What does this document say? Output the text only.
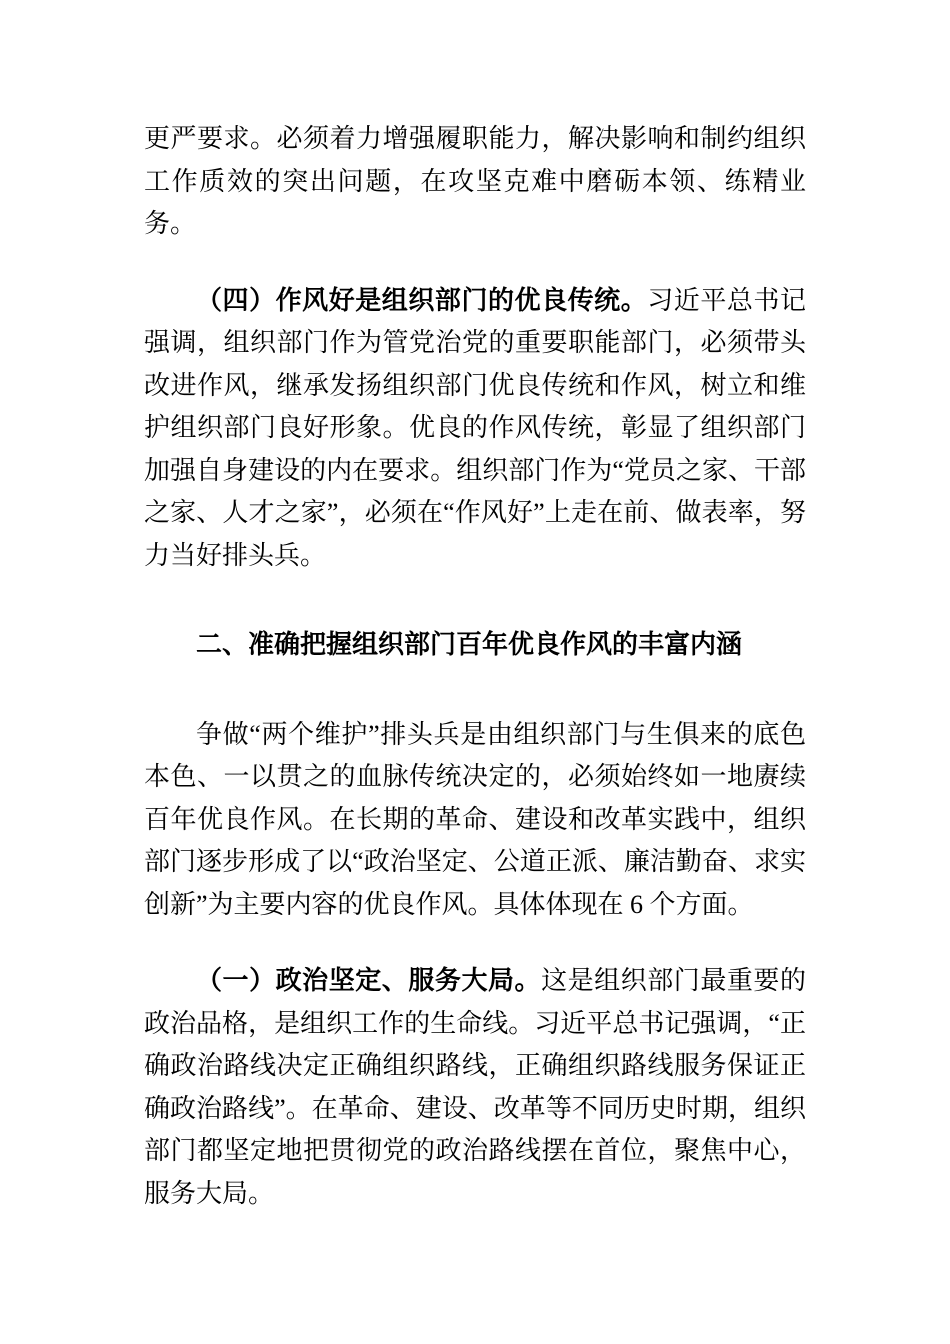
更严要求。必须着力增强履职能力，解决影响和制约组织工作质效的突出问题，在攻坚克难中磨砺本领、练精业务。

（四）作风好是组织部门的优良传统。习近平总书记强调，组织部门作为管党治党的重要职能部门，必须带头改进作风，继承发扬组织部门优良传统和作风，树立和维护组织部门良好形象。优良的作风传统，彰显了组织部门加强自身建设的内在要求。组织部门作为“党员之家、干部之家、人才之家”，必须在“作风好”上走在前、做表率，努力当好排头兵。

二、准确把握组织部门百年优良作风的丰富内涵

争做“两个维护”排头兵是由组织部门与生俱来的底色本色、一以贯之的血脉传统决定的，必须始终如一地赓续百年优良作风。在长期的革命、建设和改革实践中，组织部门逐步形成了以“政治坚定、公道正派、廉洁勤奋、求实创新”为主要内容的优良作风。具体体现在 6 个方面。

（一）政治坚定、服务大局。这是组织部门最重要的政治品格，是组织工作的生命线。习近平总书记强调，“正确政治路线决定正确组织路线，正确组织路线服务保证正确政治路线”。在革命、建设、改革等不同历史时期，组织部门都坚定地把贯彻党的政治路线摆在首位，聚焦中心，服务大局。
